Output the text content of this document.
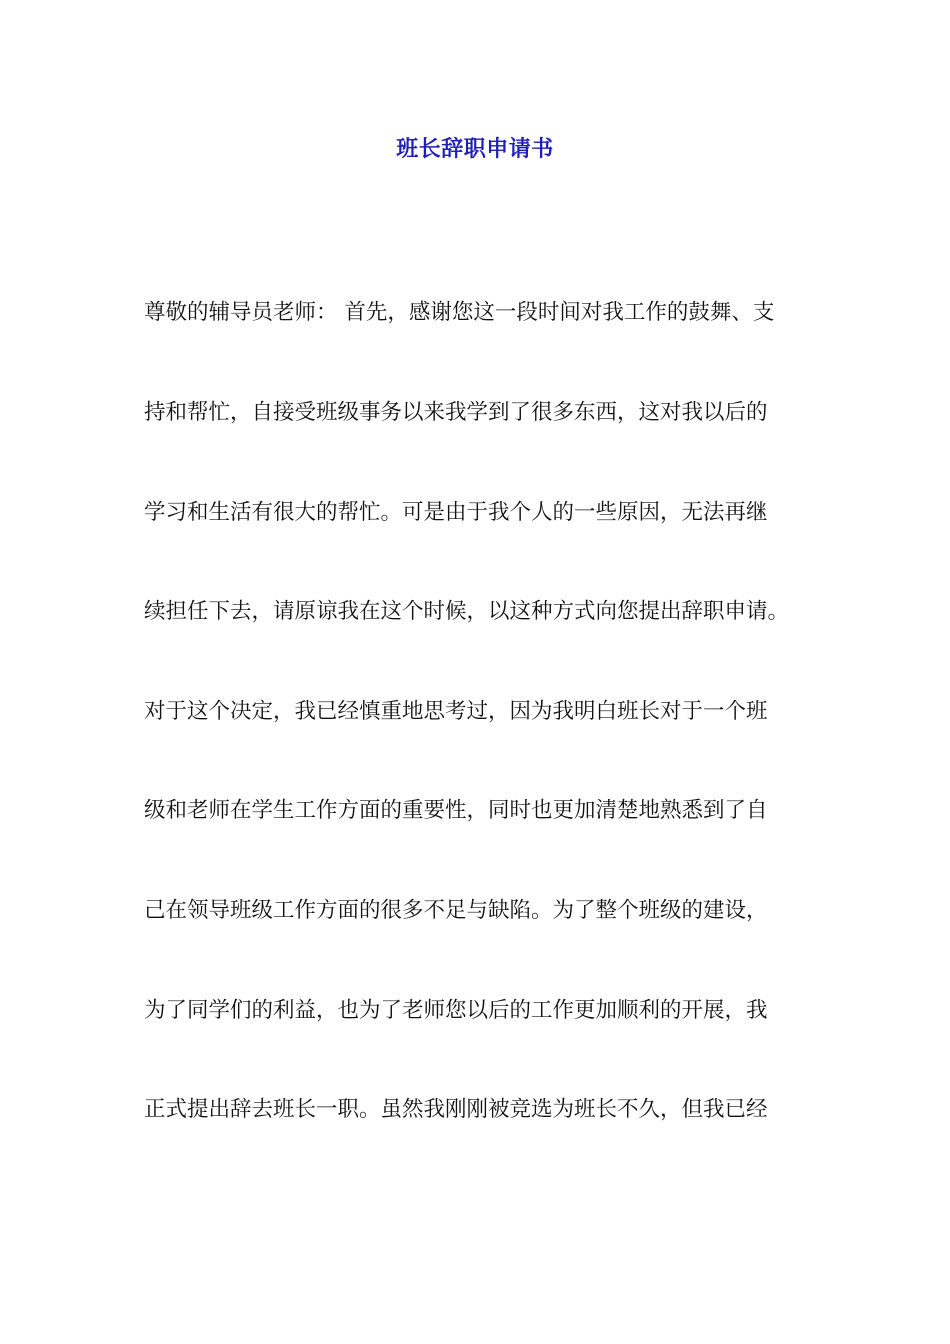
班长辞职申请书
尊敬的辅导员老师： 首先，感谢您这一段时间对我工作的鼓舞、支
持和帮忙，自接受班级事务以来我学到了很多东西，这对我以后的
学习和生活有很大的帮忙。可是由于我个人的一些原因，无法再继
续担任下去，请原谅我在这个时候，以这种方式向您提出辞职申请。
对于这个决定，我已经慎重地思考过，因为我明白班长对于一个班
级和老师在学生工作方面的重要性，同时也更加清楚地熟悉到了自
己在领导班级工作方面的很多不足与缺陷。为了整个班级的建设，
为了同学们的利益，也为了老师您以后的工作更加顺利的开展，我
正式提出辞去班长一职。虽然我刚刚被竞选为班长不久，但我已经
